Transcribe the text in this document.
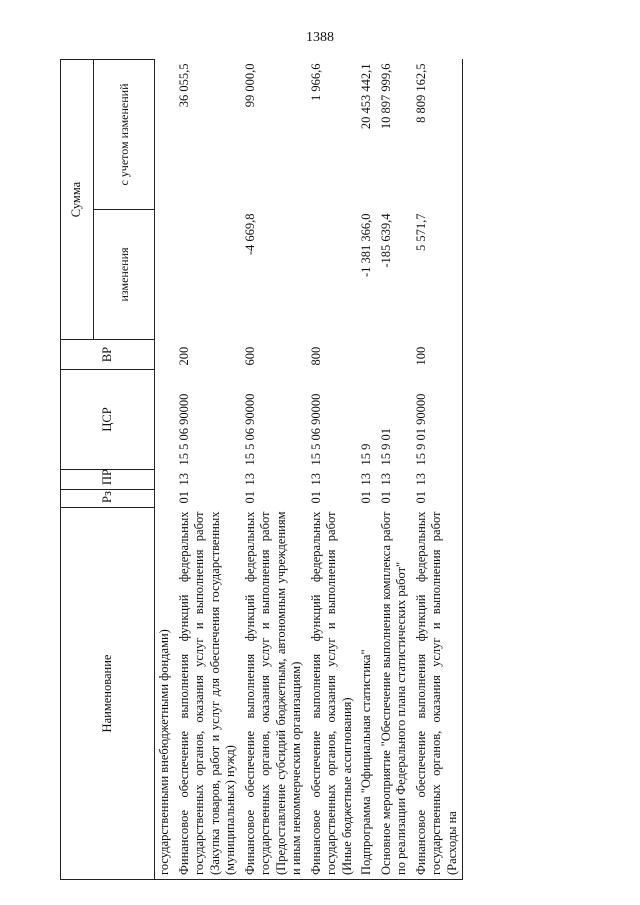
1388
Наименование	Рз	ПР	ЦСР	ВР	Сумма	
					изменения	с учетом изменений
государственными внебюджетными фондами)						
Финансовое обеспечение выполнения функций федеральных государственных органов, оказания услуг и выполнения работ (Закупка товаров, работ и услуг для обеспечения государственных (муниципальных) нужд)	01	13	15 5 06 90000	200		36 055,5
Финансовое обеспечение выполнения функций федеральных государственных органов, оказания услуг и выполнения работ (Предоставление субсидий бюджетным, автономным учреждениям и иным некоммерческим организациям)	01	13	15 5 06 90000	600	-4 669,8	99 000,0
Финансовое обеспечение выполнения функций федеральных государственных органов, оказания услуг и выполнения работ (Иные бюджетные ассигнования)	01	13	15 5 06 90000	800		1 966,6
Подпрограмма "Официальная статистика"	01	13	15 9		-1 381 366,0	20 453 442,1
Основное мероприятие "Обеспечение выполнения комплекса работ по реализации Федерального плана статистических работ"	01	13	15 9 01		-185 639,4	10 897 999,6
Финансовое обеспечение выполнения функций федеральных государственных органов, оказания услуг и выполнения работ (Расходы на	01	13	15 9 01 90000	100	5 571,7	8 809 162,5
